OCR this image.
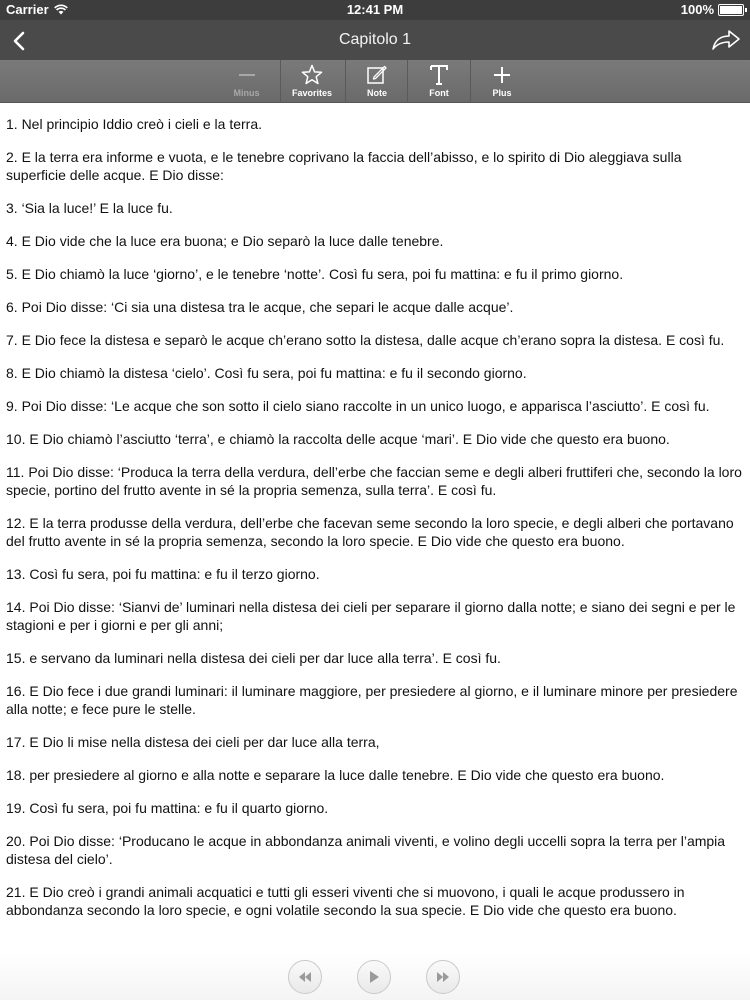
Carrier	12:41 PM	100%
Capitolo 1
Minus	Favorites	Note	Font	Plus

1. Nel principio Iddio creò i cieli e la terra.

2. E la terra era informe e vuota, e le tenebre coprivano la faccia dell’abisso, e lo spirito di Dio aleggiava sulla superficie delle acque. E Dio disse:

3. ‘Sia la luce!’ E la luce fu.

4. E Dio vide che la luce era buona; e Dio separò la luce dalle tenebre.

5. E Dio chiamò la luce ‘giorno’, e le tenebre ‘notte’. Così fu sera, poi fu mattina: e fu il primo giorno.

6. Poi Dio disse: ‘Ci sia una distesa tra le acque, che separi le acque dalle acque’.

7. E Dio fece la distesa e separò le acque ch’erano sotto la distesa, dalle acque ch’erano sopra la distesa. E così fu.

8. E Dio chiamò la distesa ‘cielo’. Così fu sera, poi fu mattina: e fu il secondo giorno.

9. Poi Dio disse: ‘Le acque che son sotto il cielo siano raccolte in un unico luogo, e apparisca l’asciutto’. E così fu.

10. E Dio chiamò l’asciutto ‘terra’, e chiamò la raccolta delle acque ‘mari’. E Dio vide che questo era buono.

11. Poi Dio disse: ‘Produca la terra della verdura, dell’erbe che faccian seme e degli alberi fruttiferi che, secondo la loro specie, portino del frutto avente in sé la propria semenza, sulla terra’. E così fu.

12. E la terra produsse della verdura, dell’erbe che facevan seme secondo la loro specie, e degli alberi che portavano del frutto avente in sé la propria semenza, secondo la loro specie. E Dio vide che questo era buono.

13. Così fu sera, poi fu mattina: e fu il terzo giorno.

14. Poi Dio disse: ‘Sianvi de’ luminari nella distesa dei cieli per separare il giorno dalla notte; e siano dei segni e per le stagioni e per i giorni e per gli anni;

15. e servano da luminari nella distesa dei cieli per dar luce alla terra’. E così fu.

16. E Dio fece i due grandi luminari: il luminare maggiore, per presiedere al giorno, e il luminare minore per presiedere alla notte; e fece pure le stelle.

17. E Dio li mise nella distesa dei cieli per dar luce alla terra,

18. per presiedere al giorno e alla notte e separare la luce dalle tenebre. E Dio vide che questo era buono.

19. Così fu sera, poi fu mattina: e fu il quarto giorno.

20. Poi Dio disse: ‘Producano le acque in abbondanza animali viventi, e volino degli uccelli sopra la terra per l’ampia distesa del cielo’.

21. E Dio creò i grandi animali acquatici e tutti gli esseri viventi che si muovono, i quali le acque produssero in abbondanza secondo la loro specie, e ogni volatile secondo la sua specie. E Dio vide che questo era buono.
